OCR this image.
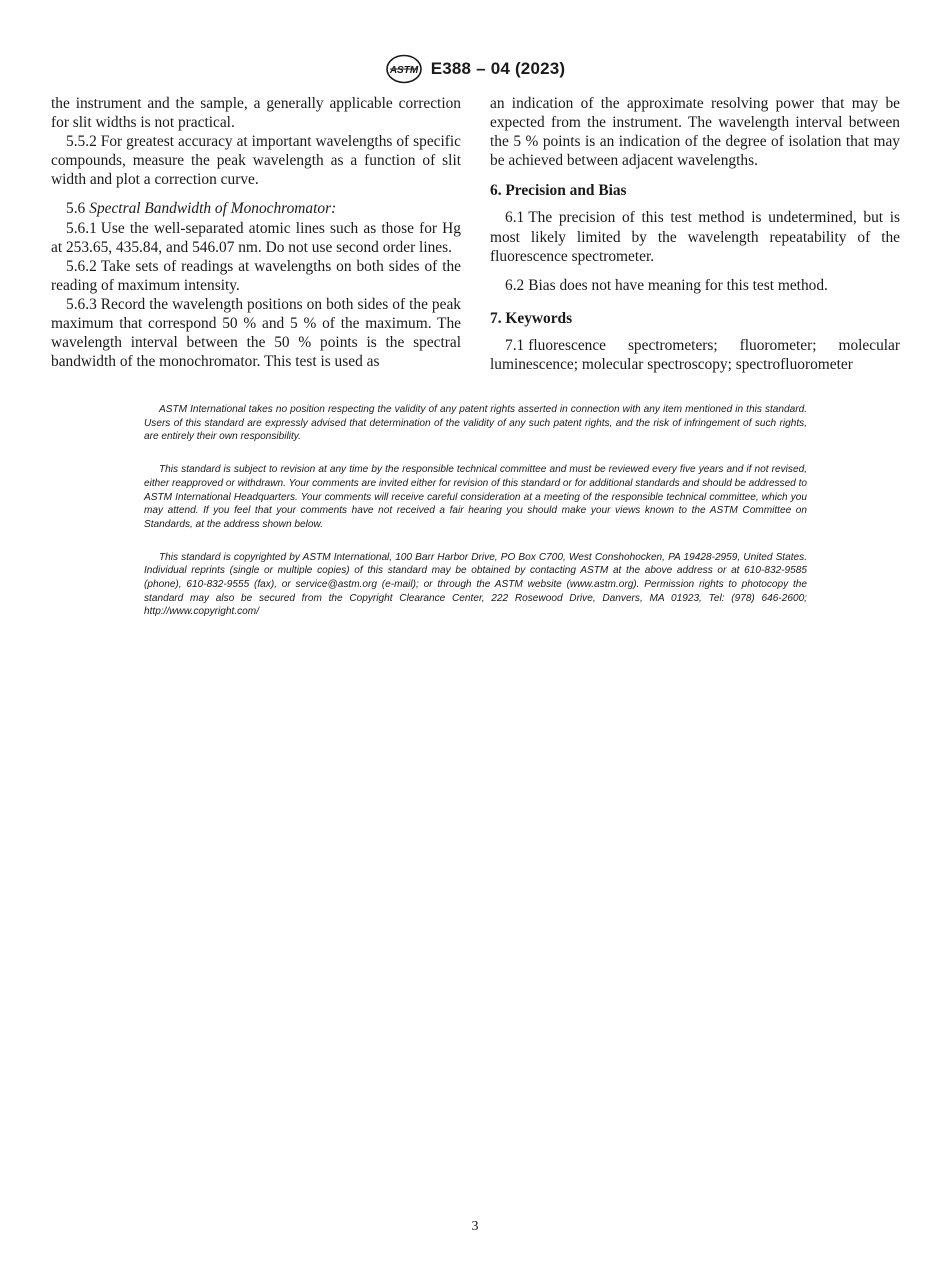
ASTM E388 – 04 (2023)

the instrument and the sample, a generally applicable correction for slit widths is not practical.

5.5.2 For greatest accuracy at important wavelengths of specific compounds, measure the peak wavelength as a function of slit width and plot a correction curve.

5.6 Spectral Bandwidth of Monochromator:

5.6.1 Use the well-separated atomic lines such as those for Hg at 253.65, 435.84, and 546.07 nm. Do not use second order lines.

5.6.2 Take sets of readings at wavelengths on both sides of the reading of maximum intensity.

5.6.3 Record the wavelength positions on both sides of the peak maximum that correspond 50 % and 5 % of the maximum. The wavelength interval between the 50 % points is the spectral bandwidth of the monochromator. This test is used as

an indication of the approximate resolving power that may be expected from the instrument. The wavelength interval between the 5 % points is an indication of the degree of isolation that may be achieved between adjacent wavelengths.

6. Precision and Bias

6.1 The precision of this test method is undetermined, but is most likely limited by the wavelength repeatability of the fluorescence spectrometer.

6.2 Bias does not have meaning for this test method.

7. Keywords

7.1 fluorescence spectrometers; fluorometer; molecular luminescence; molecular spectroscopy; spectrofluorometer

ASTM International takes no position respecting the validity of any patent rights asserted in connection with any item mentioned in this standard. Users of this standard are expressly advised that determination of the validity of any such patent rights, and the risk of infringement of such rights, are entirely their own responsibility.

This standard is subject to revision at any time by the responsible technical committee and must be reviewed every five years and if not revised, either reapproved or withdrawn. Your comments are invited either for revision of this standard or for additional standards and should be addressed to ASTM International Headquarters. Your comments will receive careful consideration at a meeting of the responsible technical committee, which you may attend. If you feel that your comments have not received a fair hearing you should make your views known to the ASTM Committee on Standards, at the address shown below.

This standard is copyrighted by ASTM International, 100 Barr Harbor Drive, PO Box C700, West Conshohocken, PA 19428-2959, United States. Individual reprints (single or multiple copies) of this standard may be obtained by contacting ASTM at the above address or at 610-832-9585 (phone), 610-832-9555 (fax), or service@astm.org (e-mail); or through the ASTM website (www.astm.org). Permission rights to photocopy the standard may also be secured from the Copyright Clearance Center, 222 Rosewood Drive, Danvers, MA 01923, Tel: (978) 646-2600; http://www.copyright.com/

3
